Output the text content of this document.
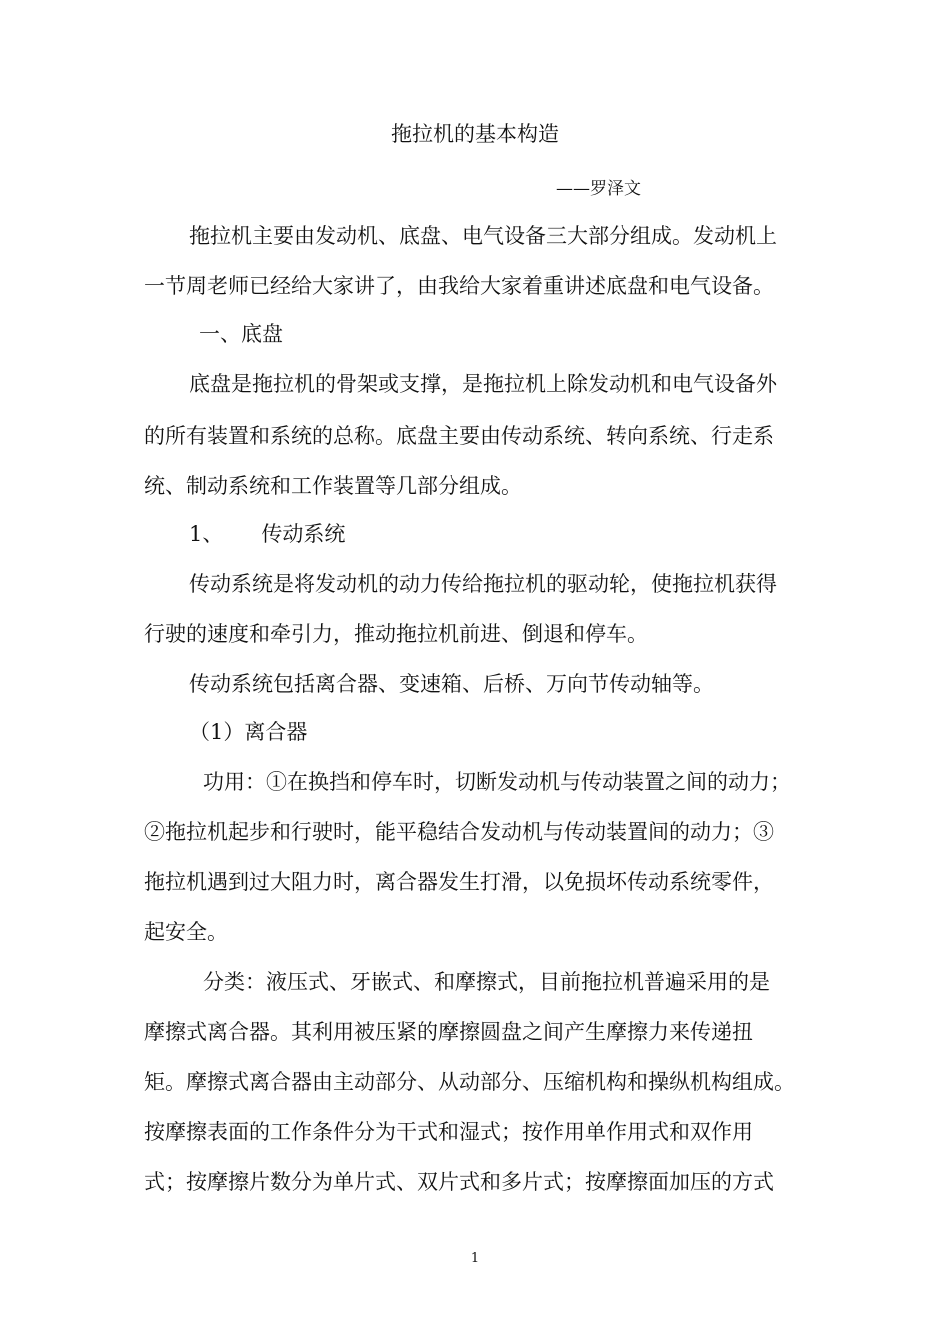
拖拉机的基本构造
——罗泽文
拖拉机主要由发动机、底盘、电气设备三大部分组成。发动机上
一节周老师已经给大家讲了，由我给大家着重讲述底盘和电气设备。
一、底盘
底盘是拖拉机的骨架或支撑，是拖拉机上除发动机和电气设备外
的所有装置和系统的总称。底盘主要由传动系统、转向系统、行走系
统、制动系统和工作装置等几部分组成。
1、 传动系统
传动系统是将发动机的动力传给拖拉机的驱动轮，使拖拉机获得
行驶的速度和牵引力，推动拖拉机前进、倒退和停车。
传动系统包括离合器、变速箱、后桥、万向节传动轴等。
（1）离合器
功用：①在换挡和停车时，切断发动机与传动装置之间的动力；
②拖拉机起步和行驶时，能平稳结合发动机与传动装置间的动力；③
拖拉机遇到过大阻力时，离合器发生打滑，以免损坏传动系统零件，
起安全。
分类：液压式、牙嵌式、和摩擦式，目前拖拉机普遍采用的是
摩擦式离合器。其利用被压紧的摩擦圆盘之间产生摩擦力来传递扭
矩。摩擦式离合器由主动部分、从动部分、压缩机构和操纵机构组成。
按摩擦表面的工作条件分为干式和湿式；按作用单作用式和双作用
式；按摩擦片数分为单片式、双片式和多片式；按摩擦面加压的方式
1
